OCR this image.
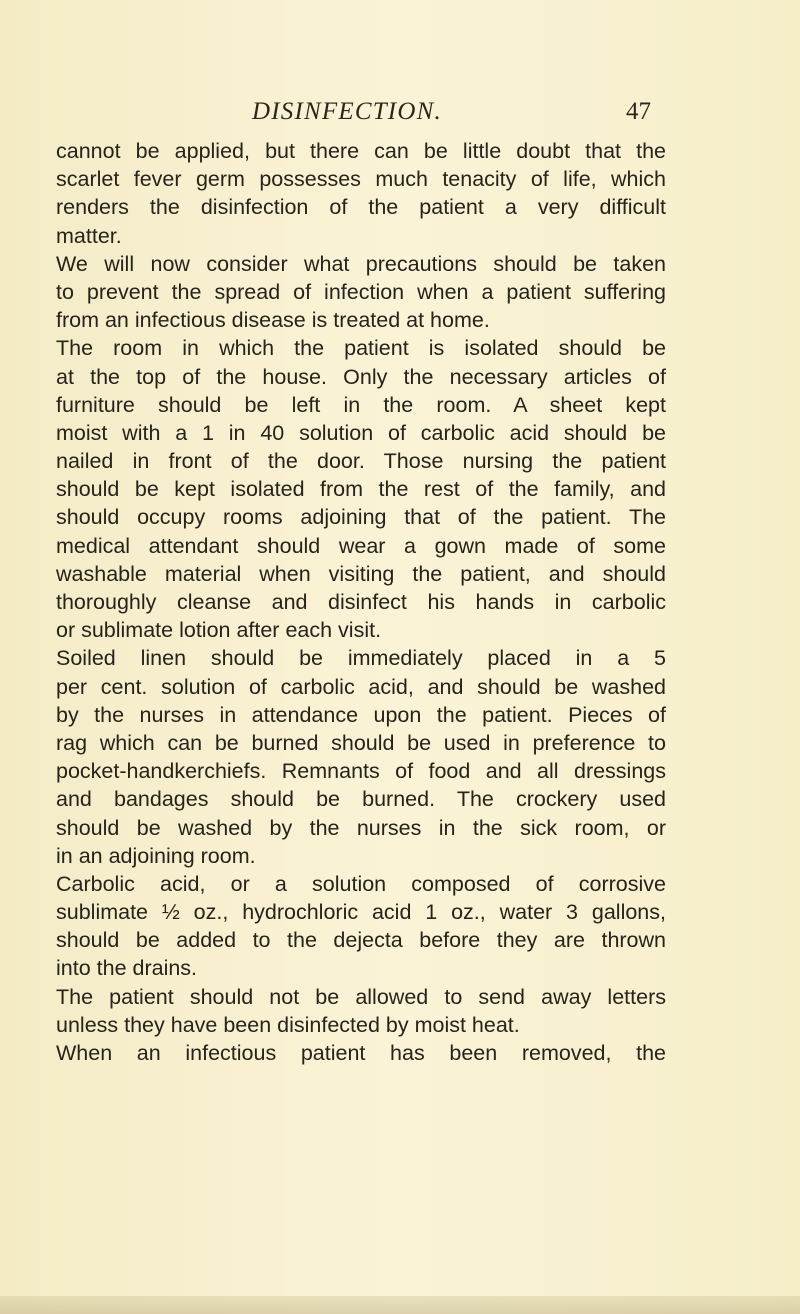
DISINFECTION.	47
cannot be applied, but there can be little doubt that the
scarlet fever germ possesses much tenacity of life, which
renders the disinfection of the patient a very difficult
matter.
We will now consider what precautions should be taken
to prevent the spread of infection when a patient suffering
from an infectious disease is treated at home.
The room in which the patient is isolated should be
at the top of the house. Only the necessary articles of
furniture should be left in the room. A sheet kept
moist with a 1 in 40 solution of carbolic acid should be
nailed in front of the door. Those nursing the patient
should be kept isolated from the rest of the family, and
should occupy rooms adjoining that of the patient. The
medical attendant should wear a gown made of some
washable material when visiting the patient, and should
thoroughly cleanse and disinfect his hands in carbolic
or sublimate lotion after each visit.
Soiled linen should be immediately placed in a 5
per cent. solution of carbolic acid, and should be washed
by the nurses in attendance upon the patient. Pieces of
rag which can be burned should be used in preference to
pocket-handkerchiefs. Remnants of food and all dressings
and bandages should be burned. The crockery used
should be washed by the nurses in the sick room, or
in an adjoining room.
Carbolic acid, or a solution composed of corrosive
sublimate ½ oz., hydrochloric acid 1 oz., water 3 gallons,
should be added to the dejecta before they are thrown
into the drains.
The patient should not be allowed to send away letters
unless they have been disinfected by moist heat.
When an infectious patient has been removed, the
